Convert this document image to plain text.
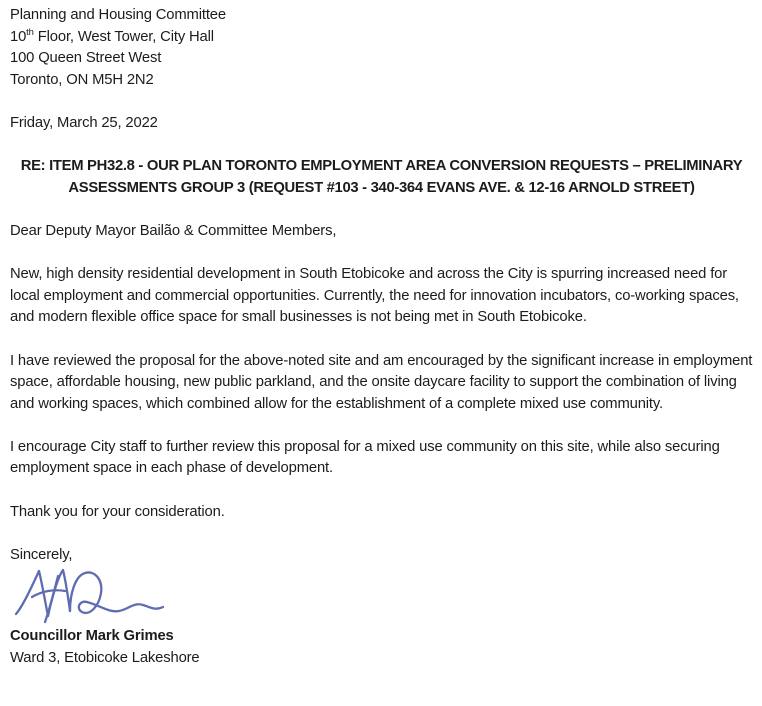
Planning and Housing Committee
10th Floor, West Tower, City Hall
100 Queen Street West
Toronto, ON M5H 2N2
Friday, March 25, 2022
RE: ITEM PH32.8 - OUR PLAN TORONTO EMPLOYMENT AREA CONVERSION REQUESTS – PRELIMINARY
ASSESSMENTS GROUP 3 (REQUEST #103 - 340-364 EVANS AVE. & 12-16 ARNOLD STREET)
Dear Deputy Mayor Bailão & Committee Members,
New, high density residential development in South Etobicoke and across the City is spurring increased need for local employment and commercial opportunities. Currently, the need for innovation incubators, co-working spaces, and modern flexible office space for small businesses is not being met in South Etobicoke.
I have reviewed the proposal for the above-noted site and am encouraged by the significant increase in employment space, affordable housing, new public parkland, and the onsite daycare facility to support the combination of living and working spaces, which combined allow for the establishment of a complete mixed use community.
I encourage City staff to further review this proposal for a mixed use community on this site, while also securing employment space in each phase of development.
Thank you for your consideration.
Sincerely,
Councillor Mark Grimes
Ward 3, Etobicoke Lakeshore
